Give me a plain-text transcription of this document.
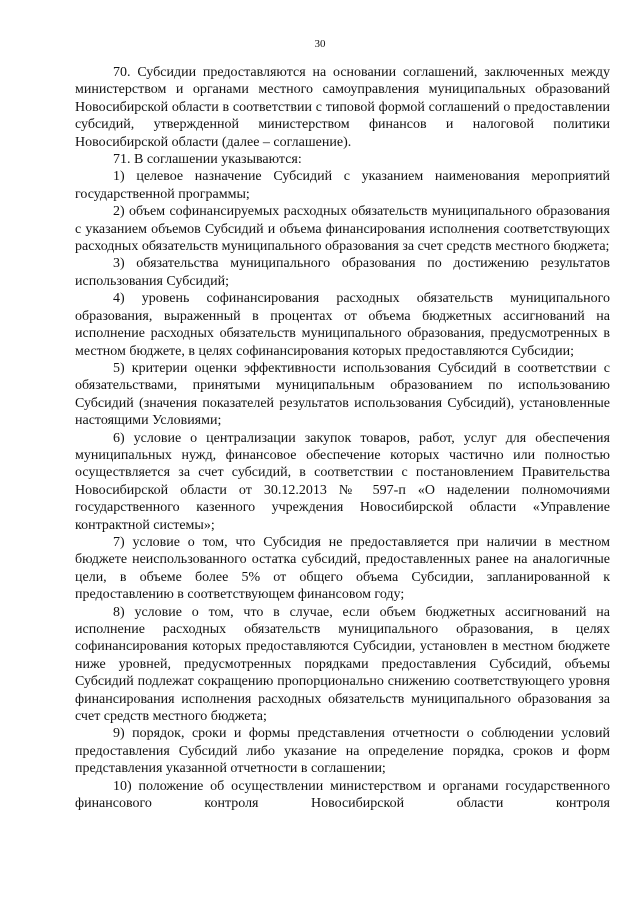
30

70. Субсидии предоставляются на основании соглашений, заключенных между министерством и органами местного самоуправления муниципальных образований Новосибирской области в соответствии с типовой формой соглашений о предоставлении субсидий, утвержденной министерством финансов и налоговой политики Новосибирской области (далее – соглашение).

71. В соглашении указываются:

1) целевое назначение Субсидий с указанием наименования мероприятий государственной программы;

2) объем софинансируемых расходных обязательств муниципального образования с указанием объемов Субсидий и объема финансирования исполнения соответствующих расходных обязательств муниципального образования за счет средств местного бюджета;

3) обязательства муниципального образования по достижению результатов использования Субсидий;

4) уровень софинансирования расходных обязательств муниципального образования, выраженный в процентах от объема бюджетных ассигнований на исполнение расходных обязательств муниципального образования, предусмотренных в местном бюджете, в целях софинансирования которых предоставляются Субсидии;

5) критерии оценки эффективности использования Субсидий в соответствии с обязательствами, принятыми муниципальным образованием по использованию Субсидий (значения показателей результатов использования Субсидий), установленные настоящими Условиями;

6) условие о централизации закупок товаров, работ, услуг для обеспечения муниципальных нужд, финансовое обеспечение которых частично или полностью осуществляется за счет субсидий, в соответствии с постановлением Правительства Новосибирской области от 30.12.2013 № 597-п «О наделении полномочиями государственного казенного учреждения Новосибирской области «Управление контрактной системы»;

7) условие о том, что Субсидия не предоставляется при наличии в местном бюджете неиспользованного остатка субсидий, предоставленных ранее на аналогичные цели, в объеме более 5% от общего объема Субсидии, запланированной к предоставлению в соответствующем финансовом году;

8) условие о том, что в случае, если объем бюджетных ассигнований на исполнение расходных обязательств муниципального образования, в целях софинансирования которых предоставляются Субсидии, установлен в местном бюджете ниже уровней, предусмотренных порядками предоставления Субсидий, объемы Субсидий подлежат сокращению пропорционально снижению соответствующего уровня финансирования исполнения расходных обязательств муниципального образования за счет средств местного бюджета;

9) порядок, сроки и формы представления отчетности о соблюдении условий предоставления Субсидий либо указание на определение порядка, сроков и форм представления указанной отчетности в соглашении;

10) положение об осуществлении министерством и органами государственного финансового контроля Новосибирской области контроля
